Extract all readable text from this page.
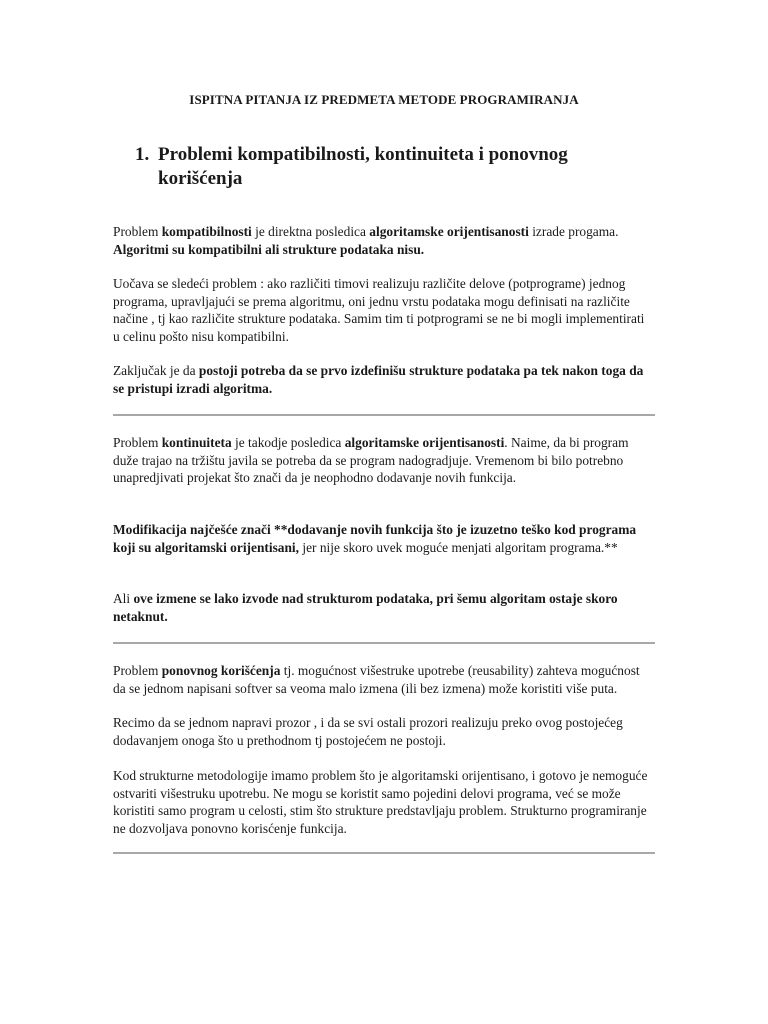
ISPITNA PITANJA IZ PREDMETA METODE PROGRAMIRANJA
1. Problemi kompatibilnosti, kontinuiteta i ponovnog korišćenja

Problem kompatibilnosti je direktna posledica algoritamske orijentisanosti izrade progama. Algoritmi su kompatibilni ali strukture podataka nisu.

Uočava se sledeći problem : ako različiti timovi realizuju različite delove (potprograme) jednog programa, upravljajući se prema algoritmu, oni jednu vrstu podataka mogu definisati na različite načine , tj kao različite strukture podataka. Samim tim ti potprogrami se ne bi mogli implementirati u celinu pošto nisu kompatibilni.

Zaključak je da postoji potreba da se prvo izdefinišu strukture podataka pa tek nakon toga da se pristupi izradi algoritma.

Problem kontinuiteta je takodje posledica algoritamske orijentisanosti. Naime, da bi program duže trajao na tržištu javila se potreba da se program nadogradjuje. Vremenom bi bilo potrebno unapredjivati projekat što znači da je neophodno dodavanje novih funkcija.

Modifikacija najčešće znači **dodavanje novih funkcija što je izuzetno teško kod programa koji su algoritamski orijentisani, jer nije skoro uvek moguće menjati algoritam programa.**

Ali ove izmene se lako izvode nad strukturom podataka, pri šemu algoritam ostaje skoro netaknut.

Problem ponovnog korišćenja tj. mogućnost višestruke upotrebe (reusability) zahteva mogućnost da se jednom napisani softver sa veoma malo izmena (ili bez izmena) može koristiti više puta.

Recimo da se jednom napravi prozor , i da se svi ostali prozori realizuju preko ovog postojećeg dodavanjem onoga što u prethodnom tj postojećem ne postoji.

Kod strukturne metodologije imamo problem što je algoritamski orijentisano, i gotovo je nemoguće ostvariti višestruku upotrebu. Ne mogu se koristit samo pojedini delovi programa, već se može koristiti samo program u celosti, stim što strukture predstavljaju problem. Strukturno programiranje ne dozvoljava ponovno korisćenje funkcija.
